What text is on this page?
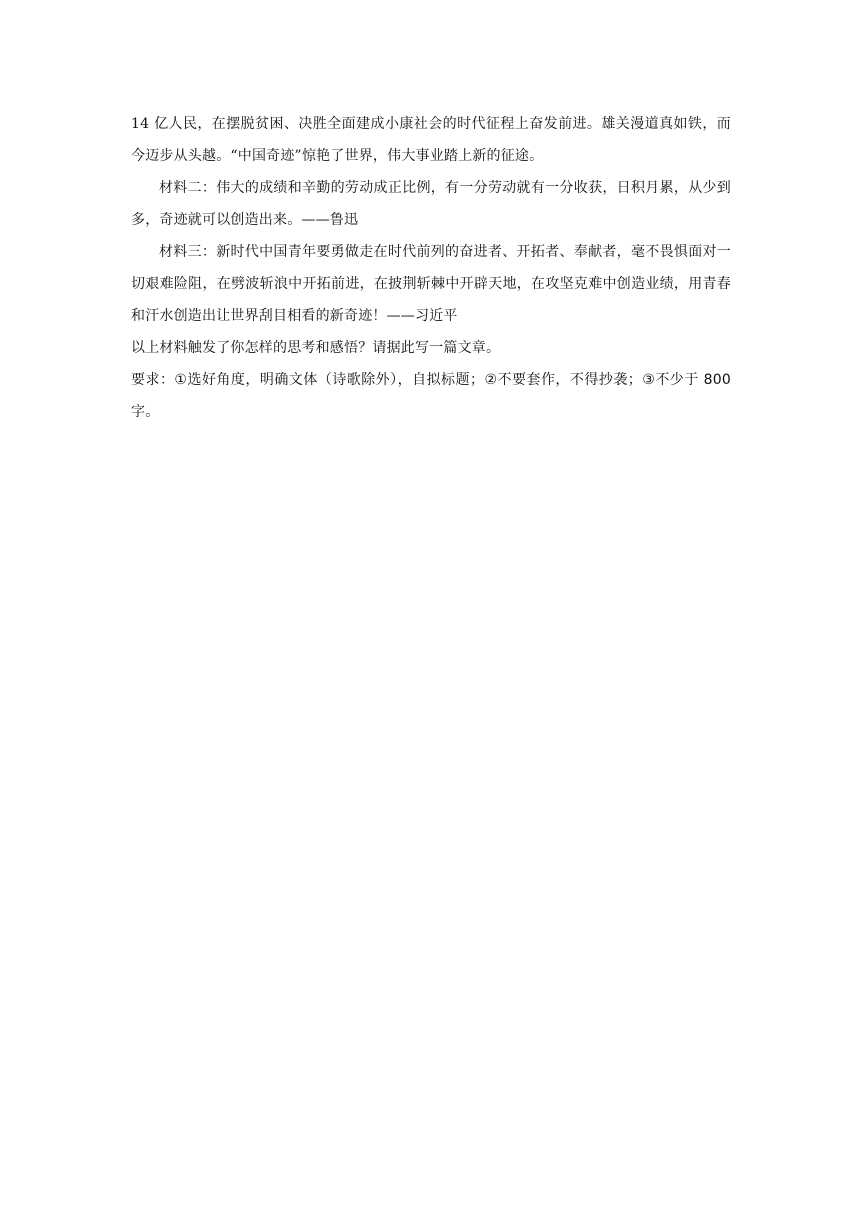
14 亿人民，在摆脱贫困、决胜全面建成小康社会的时代征程上奋发前进。雄关漫道真如铁，而今迈步从头越。“中国奇迹”惊艳了世界，伟大事业踏上新的征途。

材料二：伟大的成绩和辛勤的劳动成正比例，有一分劳动就有一分收获，日积月累，从少到多，奇迹就可以创造出来。——鲁迅

材料三：新时代中国青年要勇做走在时代前列的奋进者、开拓者、奉献者，毫不畏惧面对一切艰难险阻，在劈波斩浪中开拓前进，在披荆斩棘中开辟天地，在攻坚克难中创造业绩，用青春和汗水创造出让世界刮目相看的新奇迹！——习近平

以上材料触发了你怎样的思考和感悟？请据此写一篇文章。

要求：①选好角度，明确文体（诗歌除外），自拟标题；②不要套作，不得抄袭；③不少于 800字。
